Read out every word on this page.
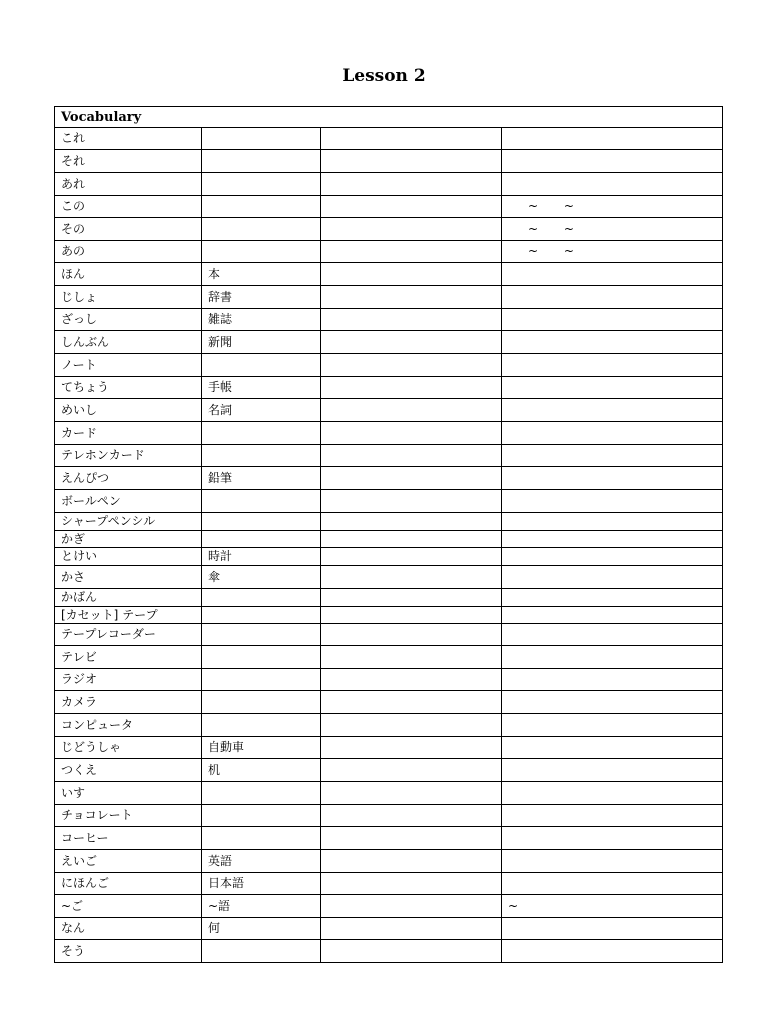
Lesson 2
Vocabulary			
これ			
それ			
あれ			
この			~ ~
その			~ ~
あの			~ ~
ほん	本		
じしょ	辞書		
ざっし	雑誌		
しんぶん	新聞		
ノート			
てちょう	手帳		
めいし	名詞		
カード			
テレホンカード			
えんぴつ	鉛筆		
ボールペン			
シャープペンシル			
かぎ			
とけい	時計		
かさ	傘		
かばん			
[カセット] テープ			
テープレコーダー			
テレビ			
ラジオ			
カメラ			
コンピュータ			
じどうしゃ	自動車		
つくえ	机		
いす			
チョコレート			
コーヒー			
えいご	英語		
にほんご	日本語		
~ご	~語		~
なん	何		
そう			
